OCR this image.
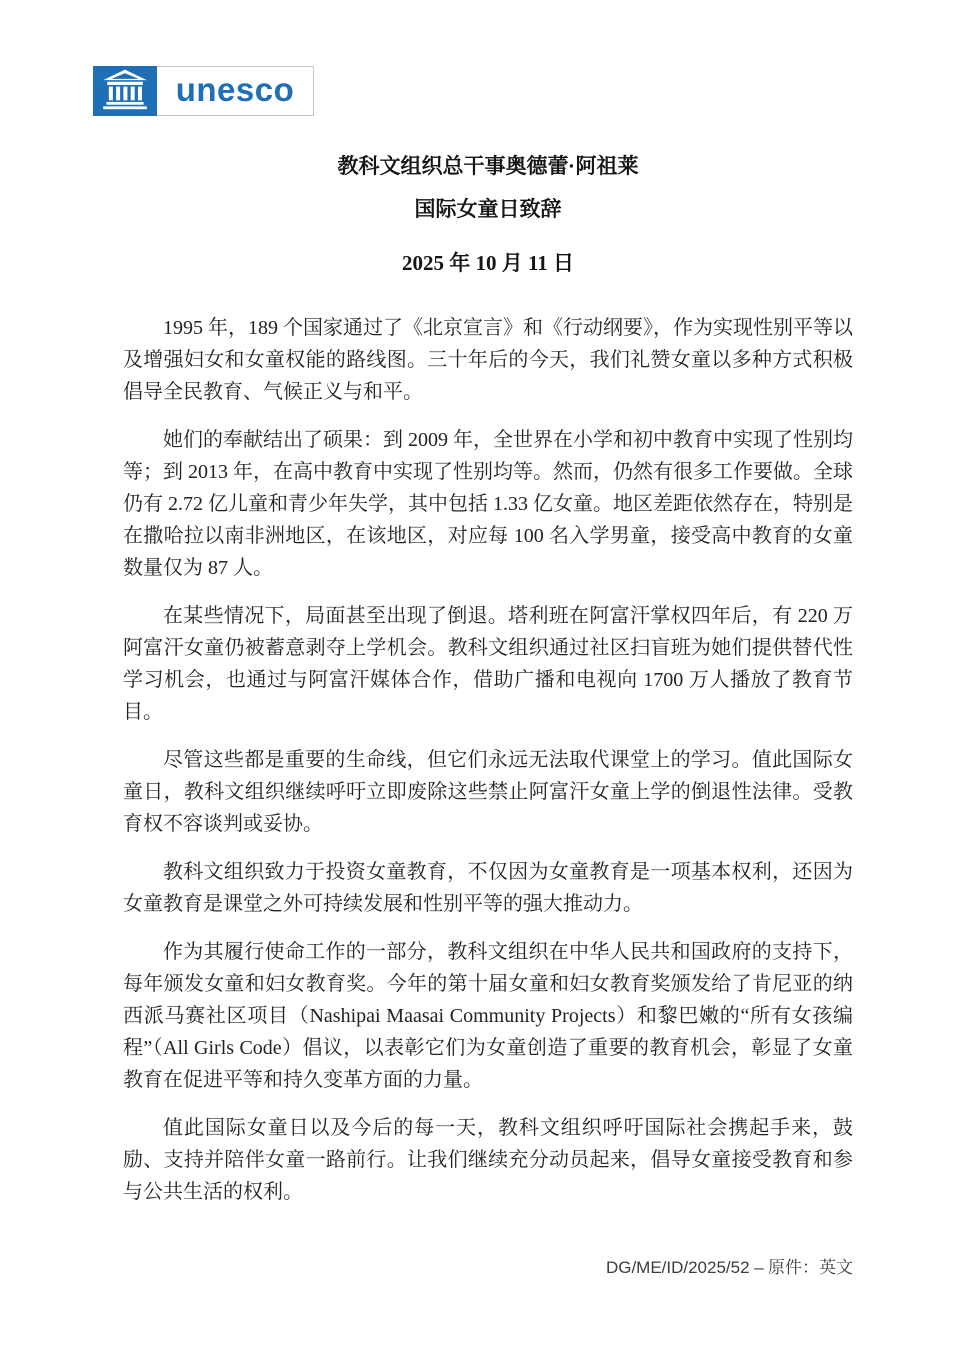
unesco

教科文组织总干事奥德蕾·阿祖莱

国际女童日致辞

2025 年 10 月 11 日

1995 年，189 个国家通过了《北京宣言》和《行动纲要》，作为实现性别平等以及增强妇女和女童权能的路线图。三十年后的今天，我们礼赞女童以多种方式积极倡导全民教育、气候正义与和平。

她们的奉献结出了硕果：到 2009 年，全世界在小学和初中教育中实现了性别均等；到 2013 年，在高中教育中实现了性别均等。然而，仍然有很多工作要做。全球仍有 2.72 亿儿童和青少年失学，其中包括 1.33 亿女童。地区差距依然存在，特别是在撒哈拉以南非洲地区，在该地区，对应每 100 名入学男童，接受高中教育的女童数量仅为 87 人。

在某些情况下，局面甚至出现了倒退。塔利班在阿富汗掌权四年后，有 220 万阿富汗女童仍被蓄意剥夺上学机会。教科文组织通过社区扫盲班为她们提供替代性学习机会，也通过与阿富汗媒体合作，借助广播和电视向 1700 万人播放了教育节目。

尽管这些都是重要的生命线，但它们永远无法取代课堂上的学习。值此国际女童日，教科文组织继续呼吁立即废除这些禁止阿富汗女童上学的倒退性法律。受教育权不容谈判或妥协。

教科文组织致力于投资女童教育，不仅因为女童教育是一项基本权利，还因为女童教育是课堂之外可持续发展和性别平等的强大推动力。

作为其履行使命工作的一部分，教科文组织在中华人民共和国政府的支持下，每年颁发女童和妇女教育奖。今年的第十届女童和妇女教育奖颁发给了肯尼亚的纳西派马赛社区项目（Nashipai Maasai Community Projects）和黎巴嫩的“所有女孩编程”（All Girls Code）倡议，以表彰它们为女童创造了重要的教育机会，彰显了女童教育在促进平等和持久变革方面的力量。

值此国际女童日以及今后的每一天，教科文组织呼吁国际社会携起手来，鼓励、支持并陪伴女童一路前行。让我们继续充分动员起来，倡导女童接受教育和参与公共生活的权利。

DG/ME/ID/2025/52 – 原件：英文
